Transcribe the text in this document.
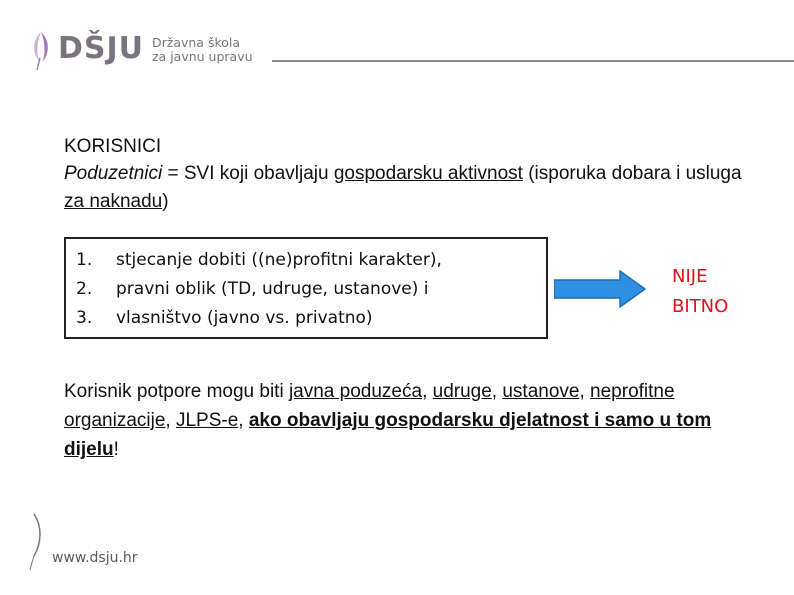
DŠJU Državna škola
za javnu upravu
KORISNICI
Poduzetnici = SVI koji obavljaju gospodarsku aktivnost (isporuka dobara i usluga za naknadu)
1. stjecanje dobiti ((ne)profitni karakter),
2. pravni oblik (TD, udruge, ustanove) i
3. vlasništvo (javno vs. privatno)
NIJE
BITNO
Korisnik potpore mogu biti javna poduzeća, udruge, ustanove, neprofitne organizacije, JLPS-e, ako obavljaju gospodarsku djelatnost i samo u tom dijelu!
www.dsju.hr
